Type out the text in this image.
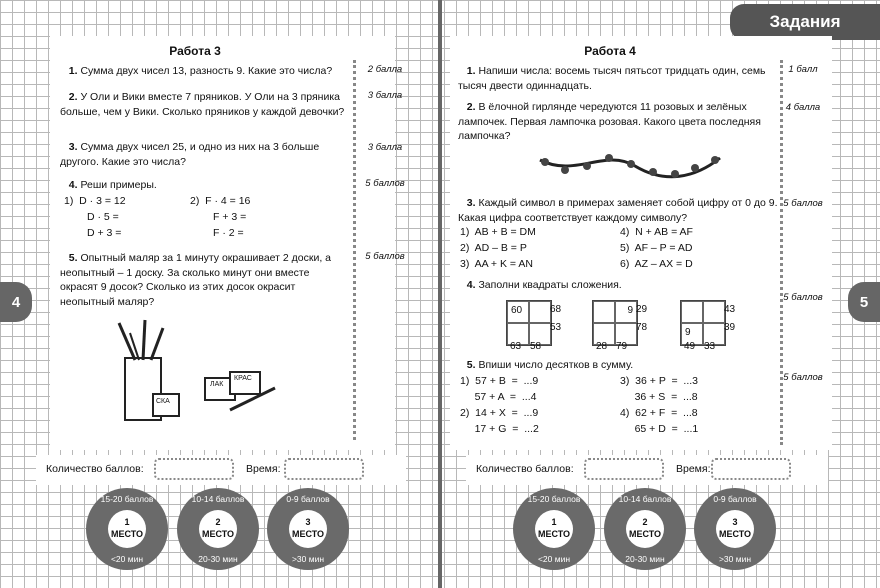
Задания
4	5
Работа 3
1. Сумма двух чисел 13, разность 9. Какие это числа?	2 балла
2. У Оли и Вики вместе 7 пряников. У Оли на 3 пряника больше, чем у Вики. Сколько пряников у каждой девочки?
3 балла
3. Сумма двух чисел 25, и одно из них на 3 больше другого. Какие это числа?
3 балла
4. Реши примеры.	5 баллов
1)  D · 3 = 12	2)  F · 4 = 16
D · 5 =	F + 3 =
D + 3 =	F · 2 =
5. Опытный маляр за 1 минуту окрашивает 2 доски, а неопытный – 1 доску. За сколько минут они вместе окрасят 9 досок? Сколько из этих досок окрасит неопытный маляр?
5 баллов
ЛАК
КРАС
СКА
Работа 4
1. Напиши числа: восемь тысяч пятьсот тридцать один, семь тысяч двести одиннадцать.
1 балл
2. В ёлочной гирлянде чередуются 11 розовых и зелёных лампочек. Первая лампочка розовая. Какого цвета последняя лампочка?
4 балла
3. Каждый символ в примерах заменяет собой цифру от 0 до 9. Какая цифра соответствует каждому символу?
5 баллов
1)  AB + B = DM	4)  N + AB = AF
2)  AD – B = P	5)  AF – P = AD
3)  AA + K = AN	6)  AZ – AX = D
4. Заполни квадраты сложения.
5 баллов
60	68
53
63 58
9 29
78
28 79
9
43
39
49 33
5. Впиши число десятков в сумму.
5 баллов
1)  57 + B  =  ...9	3)  36 + P  =  ...3
57 + A  =  ...4	36 + S  =  ...8
2)  14 + X  =  ...9	4)  62 + F  =  ...8
17 + G  =  ...2	65 + D  =  ...1
Количество баллов:	Время:	Количество баллов:	Время:
15-20 баллов
1
МЕСТО
<20 мин
10-14 баллов
2
МЕСТО
20-30 мин
0-9 баллов
3
МЕСТО
>30 мин
15-20 баллов
1
МЕСТО
<20 мин
10-14 баллов
2
МЕСТО
20-30 мин
0-9 баллов
3
МЕСТО
>30 мин
